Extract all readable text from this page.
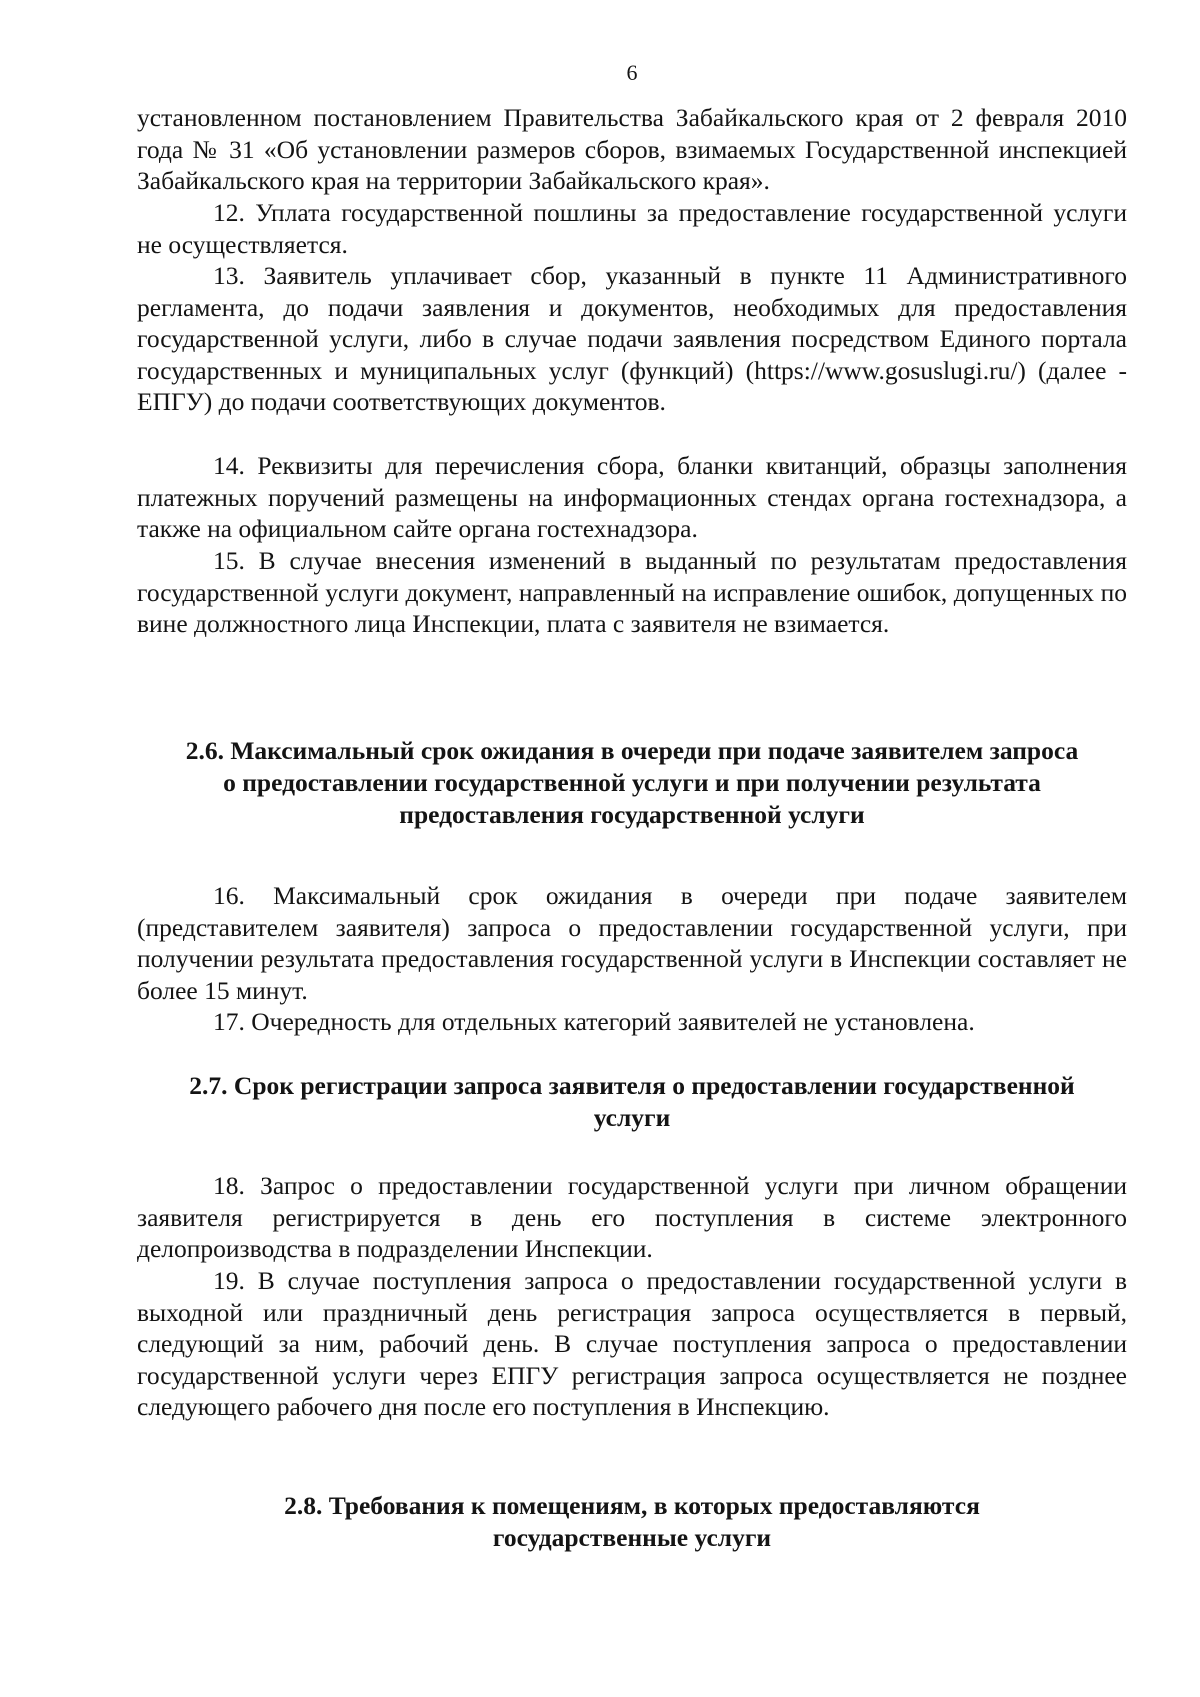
6

установленном постановлением Правительства Забайкальского края от 2 февраля 2010 года № 31 «Об установлении размеров сборов, взимаемых Государственной инспекцией Забайкальского края на территории Забайкальского края».

12. Уплата государственной пошлины за предоставление государственной услуги не осуществляется.

13. Заявитель уплачивает сбор, указанный в пункте 11 Административного регламента, до подачи заявления и документов, необходимых для предоставления государственной услуги, либо в случае подачи заявления посредством Единого портала государственных и муниципальных услуг (функций) (https://www.gosuslugi.ru/) (далее - ЕПГУ) до подачи соответствующих документов.

14. Реквизиты для перечисления сбора, бланки квитанций, образцы заполнения платежных поручений размещены на информационных стендах органа гостехнадзора, а также на официальном сайте органа гостехнадзора.

15. В случае внесения изменений в выданный по результатам предоставления государственной услуги документ, направленный на исправление ошибок, допущенных по вине должностного лица Инспекции, плата с заявителя не взимается.

2.6. Максимальный срок ожидания в очереди при подаче заявителем запроса
о предоставлении государственной услуги и при получении результата
предоставления государственной услуги

16. Максимальный срок ожидания в очереди при подаче заявителем (представителем заявителя) запроса о предоставлении государственной услуги, при получении результата предоставления государственной услуги в Инспекции составляет не более 15 минут.

17. Очередность для отдельных категорий заявителей не установлена.

2.7. Срок регистрации запроса заявителя о предоставлении государственной
услуги

18. Запрос о предоставлении государственной услуги при личном обращении заявителя регистрируется в день его поступления в системе электронного делопроизводства в подразделении Инспекции.

19. В случае поступления запроса о предоставлении государственной услуги в выходной или праздничный день регистрация запроса осуществляется в первый, следующий за ним, рабочий день. В случае поступления запроса о предоставлении государственной услуги через ЕПГУ регистрация запроса осуществляется не позднее следующего рабочего дня после его поступления в Инспекцию.

2.8. Требования к помещениям, в которых предоставляются
государственные услуги
